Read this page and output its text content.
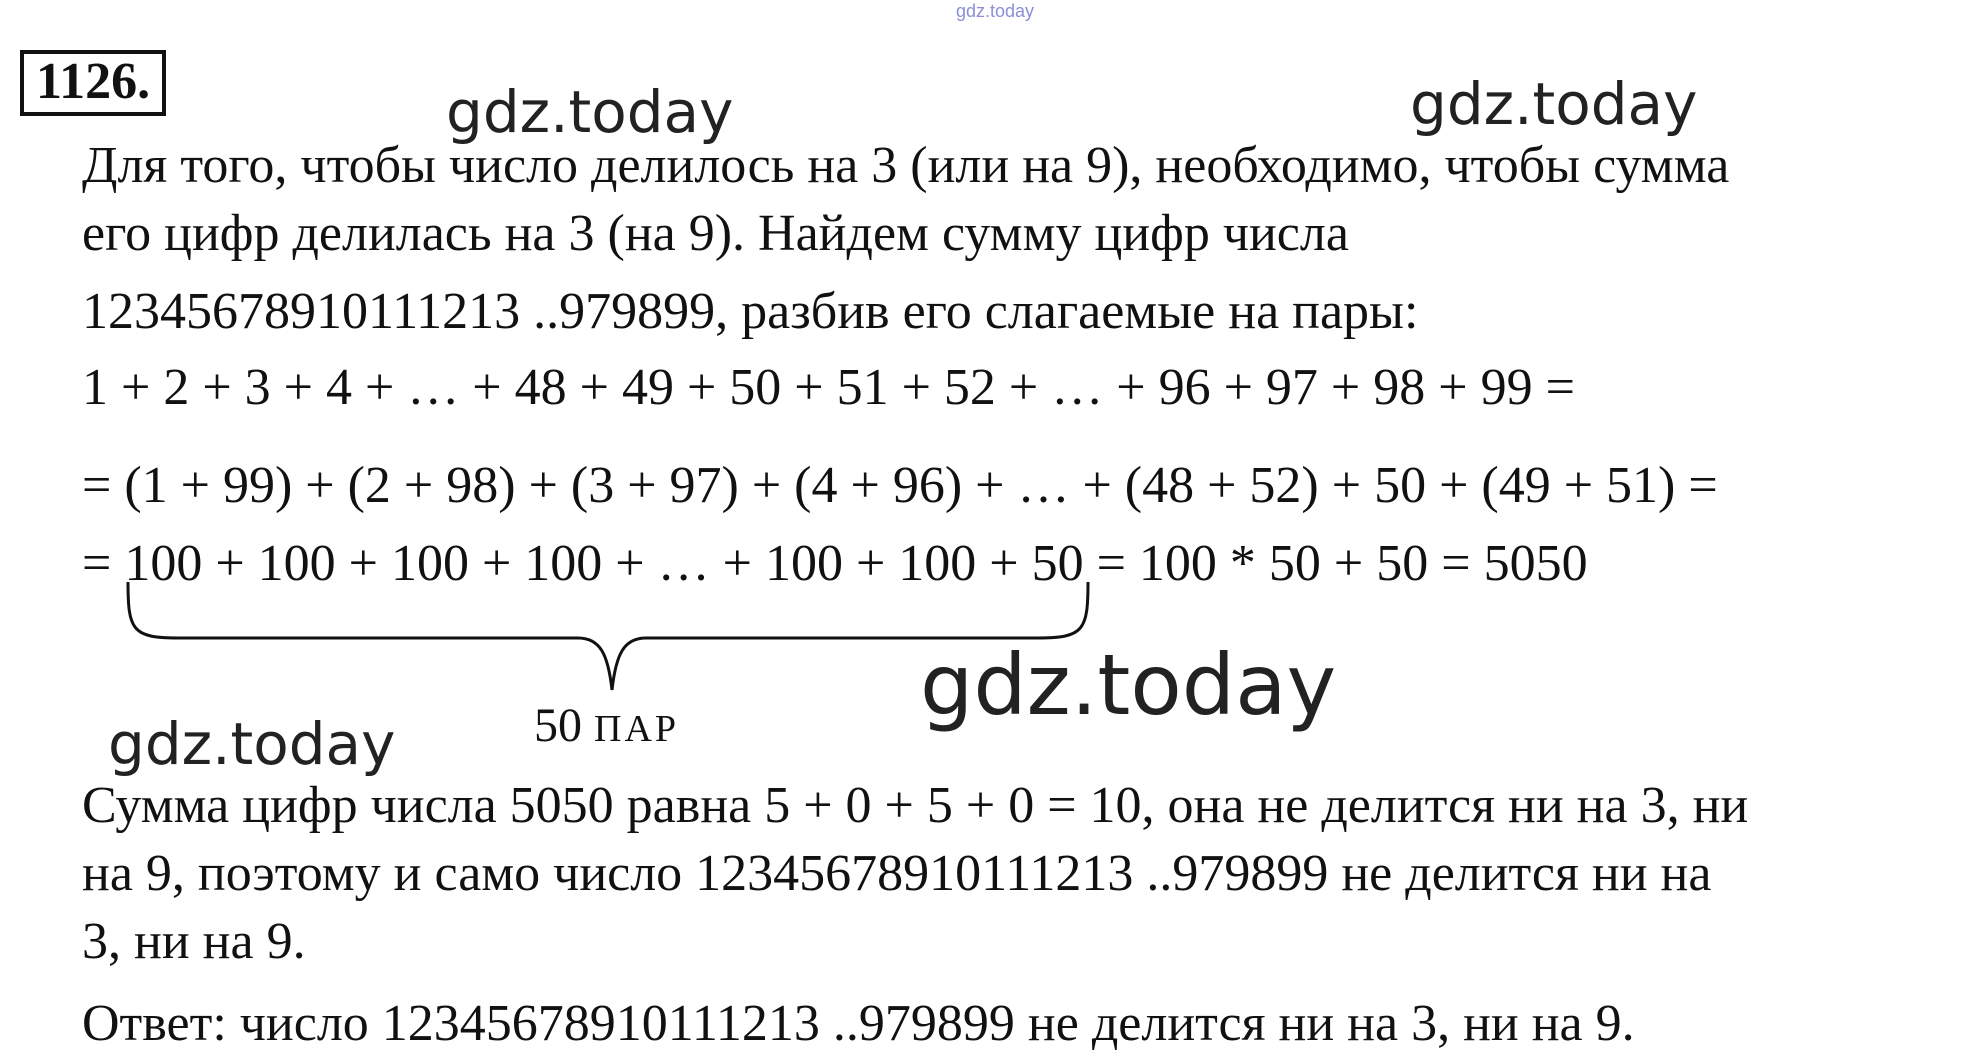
gdz.today
gdz.today	gdz.today
gdz.today
gdz.today
1126.
Для того, чтобы число делилось на 3 (или на 9), необходимо, чтобы сумма
его цифр делилась на 3 (на 9). Найдем сумму цифр числа
12345678910111213 ..979899, разбив его слагаемые на пары:
1 + 2 + 3 + 4 + … + 48 + 49 + 50 + 51 + 52 + … + 96 + 97 + 98 + 99 =
= (1 + 99) + (2 + 98) + (3 + 97) + (4 + 96) + … + (48 + 52) + 50 + (49 + 51) =
= 100 + 100 + 100 + 100 + … + 100 + 100 + 50 = 100 * 50 + 50 = 5050
50 ПАР
Сумма цифр числа 5050 равна 5 + 0 + 5 + 0 = 10, она не делится ни на 3, ни
на 9, поэтому и само число 12345678910111213 ..979899 не делится ни на
3, ни на 9.
Ответ: число 12345678910111213 ..979899 не делится ни на 3, ни на 9.
